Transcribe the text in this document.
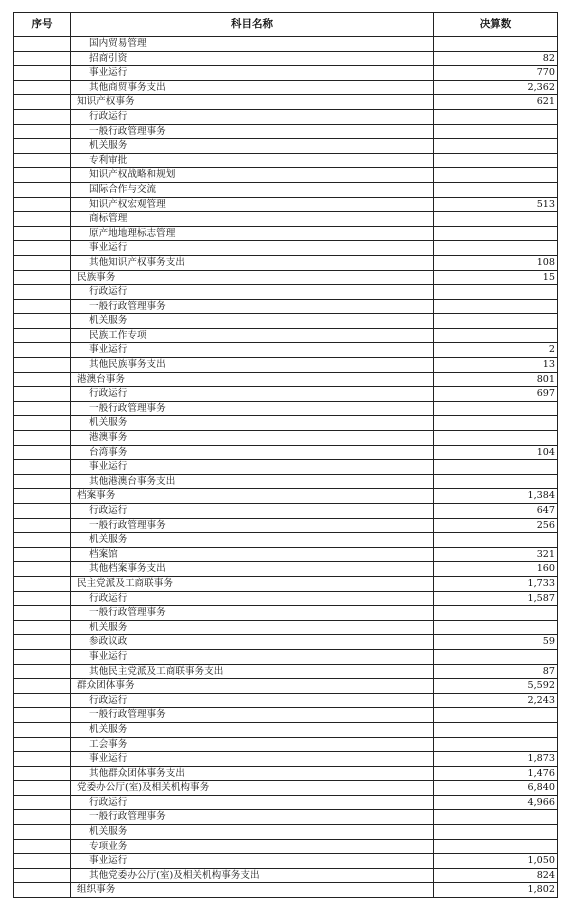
序号	科目名称	决算数
	国内贸易管理	
	招商引资	82
	事业运行	770
	其他商贸事务支出	2,362
	知识产权事务	621
	行政运行	
	一般行政管理事务	
	机关服务	
	专利审批	
	知识产权战略和规划	
	国际合作与交流	
	知识产权宏观管理	513
	商标管理	
	原产地地理标志管理	
	事业运行	
	其他知识产权事务支出	108
	民族事务	15
	行政运行	
	一般行政管理事务	
	机关服务	
	民族工作专项	
	事业运行	2
	其他民族事务支出	13
	港澳台事务	801
	行政运行	697
	一般行政管理事务	
	机关服务	
	港澳事务	
	台湾事务	104
	事业运行	
	其他港澳台事务支出	
	档案事务	1,384
	行政运行	647
	一般行政管理事务	256
	机关服务	
	档案馆	321
	其他档案事务支出	160
	民主党派及工商联事务	1,733
	行政运行	1,587
	一般行政管理事务	
	机关服务	
	参政议政	59
	事业运行	
	其他民主党派及工商联事务支出	87
	群众团体事务	5,592
	行政运行	2,243
	一般行政管理事务	
	机关服务	
	工会事务	
	事业运行	1,873
	其他群众团体事务支出	1,476
	党委办公厅(室)及相关机构事务	6,840
	行政运行	4,966
	一般行政管理事务	
	机关服务	
	专项业务	
	事业运行	1,050
	其他党委办公厅(室)及相关机构事务支出	824
	组织事务	1,802
